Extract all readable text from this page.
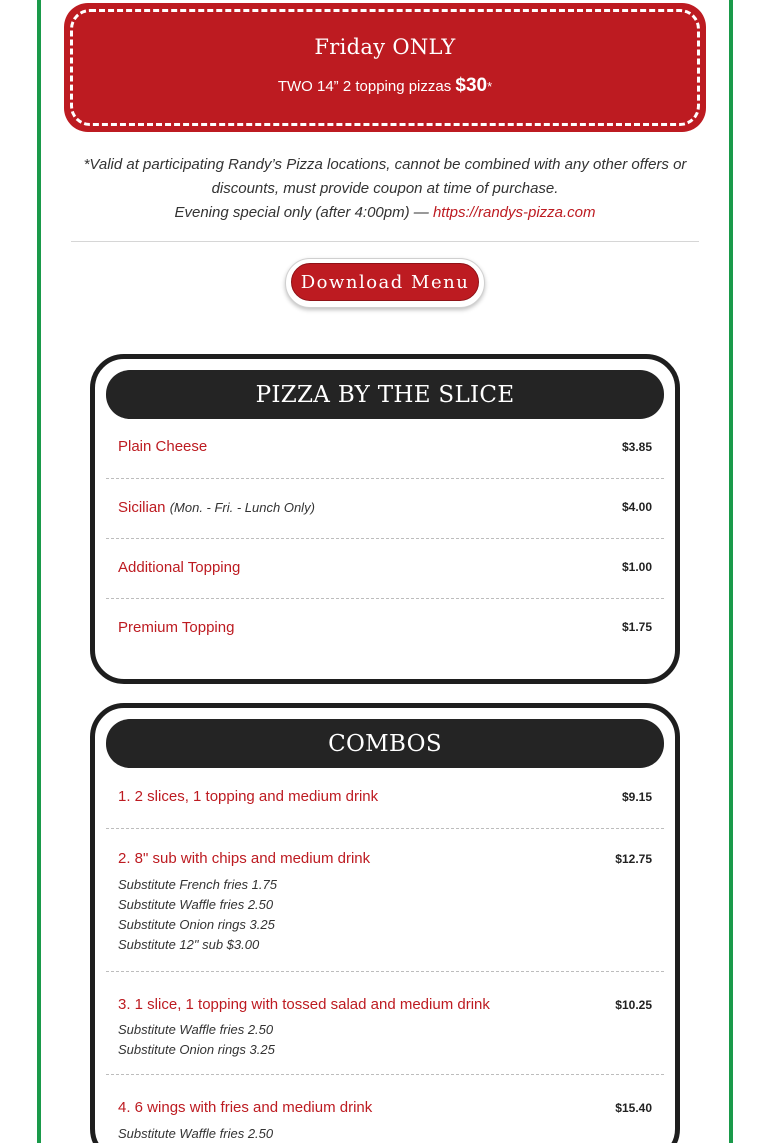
Friday ONLY
TWO 14” 2 topping pizzas $30*
*Valid at participating Randy’s Pizza locations, cannot be combined with any other offers or discounts, must provide coupon at time of purchase.
Evening special only (after 4:00pm) — https://randys-pizza.com
Download Menu
PIZZA BY THE SLICE
Plain Cheese	$3.85
Sicilian (Mon. - Fri. - Lunch Only)	$4.00
Additional Topping	$1.00
Premium Topping	$1.75
COMBOS
1. 2 slices, 1 topping and medium drink	$9.15
2. 8" sub with chips and medium drink	$12.75
Substitute French fries 1.75
Substitute Waffle fries 2.50
Substitute Onion rings 3.25
Substitute 12" sub $3.00
3. 1 slice, 1 topping with tossed salad and medium drink	$10.25
Substitute Waffle fries 2.50
Substitute Onion rings 3.25
4. 6 wings with fries and medium drink	$15.40
Substitute Waffle fries 2.50
